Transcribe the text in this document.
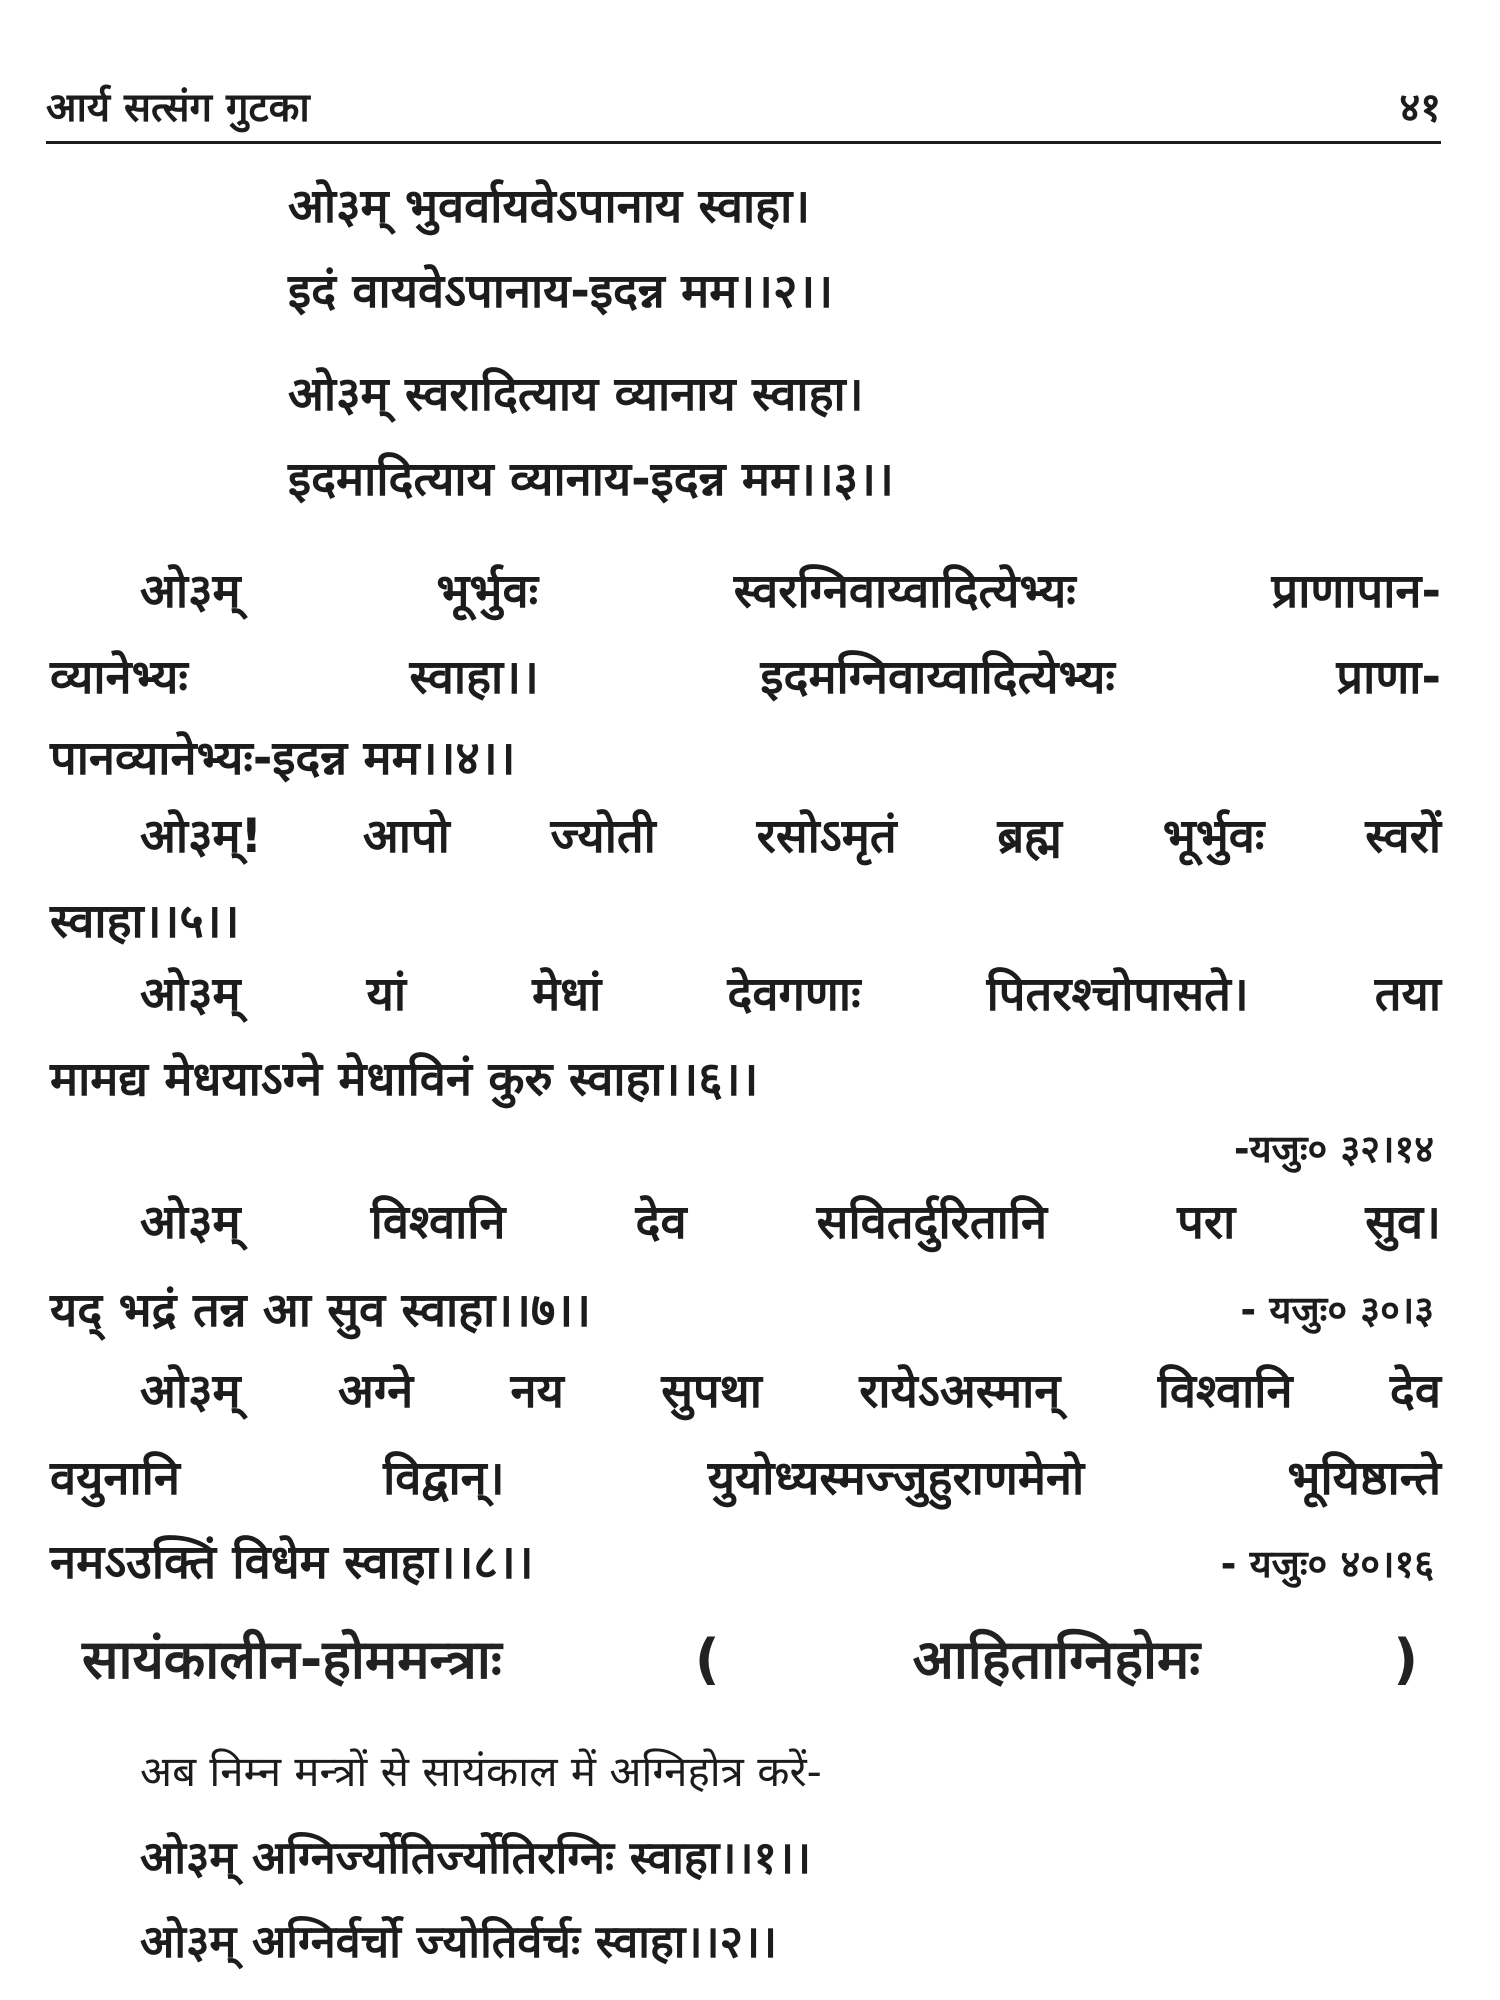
आर्य सत्संग गुटका	४१
ओ३म् भुवर्वायवेऽपानाय स्वाहा।
इदं वायवेऽपानाय-इदन्न मम।।२।।
ओ३म् स्वरादित्याय व्यानाय स्वाहा।
इदमादित्याय व्यानाय-इदन्न मम।।३।।
ओ३म् भूर्भुवः स्वरग्निवाय्वादित्येभ्यः प्राणापान-
व्यानेभ्यः स्वाहा।। इदमग्निवाय्वादित्येभ्यः प्राणा-
पानव्यानेभ्यः-इदन्न मम।।४।।
ओ३म्! आपो ज्योती रसोऽमृतं ब्रह्म भूर्भुवः स्वरों
स्वाहा।।५।।
ओ३म् यां मेधां देवगणाः पितरश्चोपासते। तया
मामद्य मेधयाऽग्ने मेधाविनं कुरु स्वाहा।।६।।
-यजुः० ३२।१४
ओ३म् विश्वानि देव सवितर्दुरितानि परा सुव।
यद् भद्रं तन्न आ सुव स्वाहा।।७।।	- यजुः० ३०।३
ओ३म् अग्ने नय सुपथा रायेऽअस्मान् विश्वानि देव
वयुनानि विद्वान्। युयोध्यस्मज्जुहुराणमेनो भूयिष्ठान्ते
नमऽउक्तिं विधेम स्वाहा।।८।।	- यजुः० ४०।१६
सायंकालीन-होममन्त्राः ( आहिताग्निहोमः )
अब निम्न मन्त्रों से सायंकाल में अग्निहोत्र करें-
ओ३म् अग्निर्ज्योतिर्ज्योतिरग्निः स्वाहा।।१।।
ओ३म् अग्निर्वर्चो ज्योतिर्वर्चः स्वाहा।।२।।
